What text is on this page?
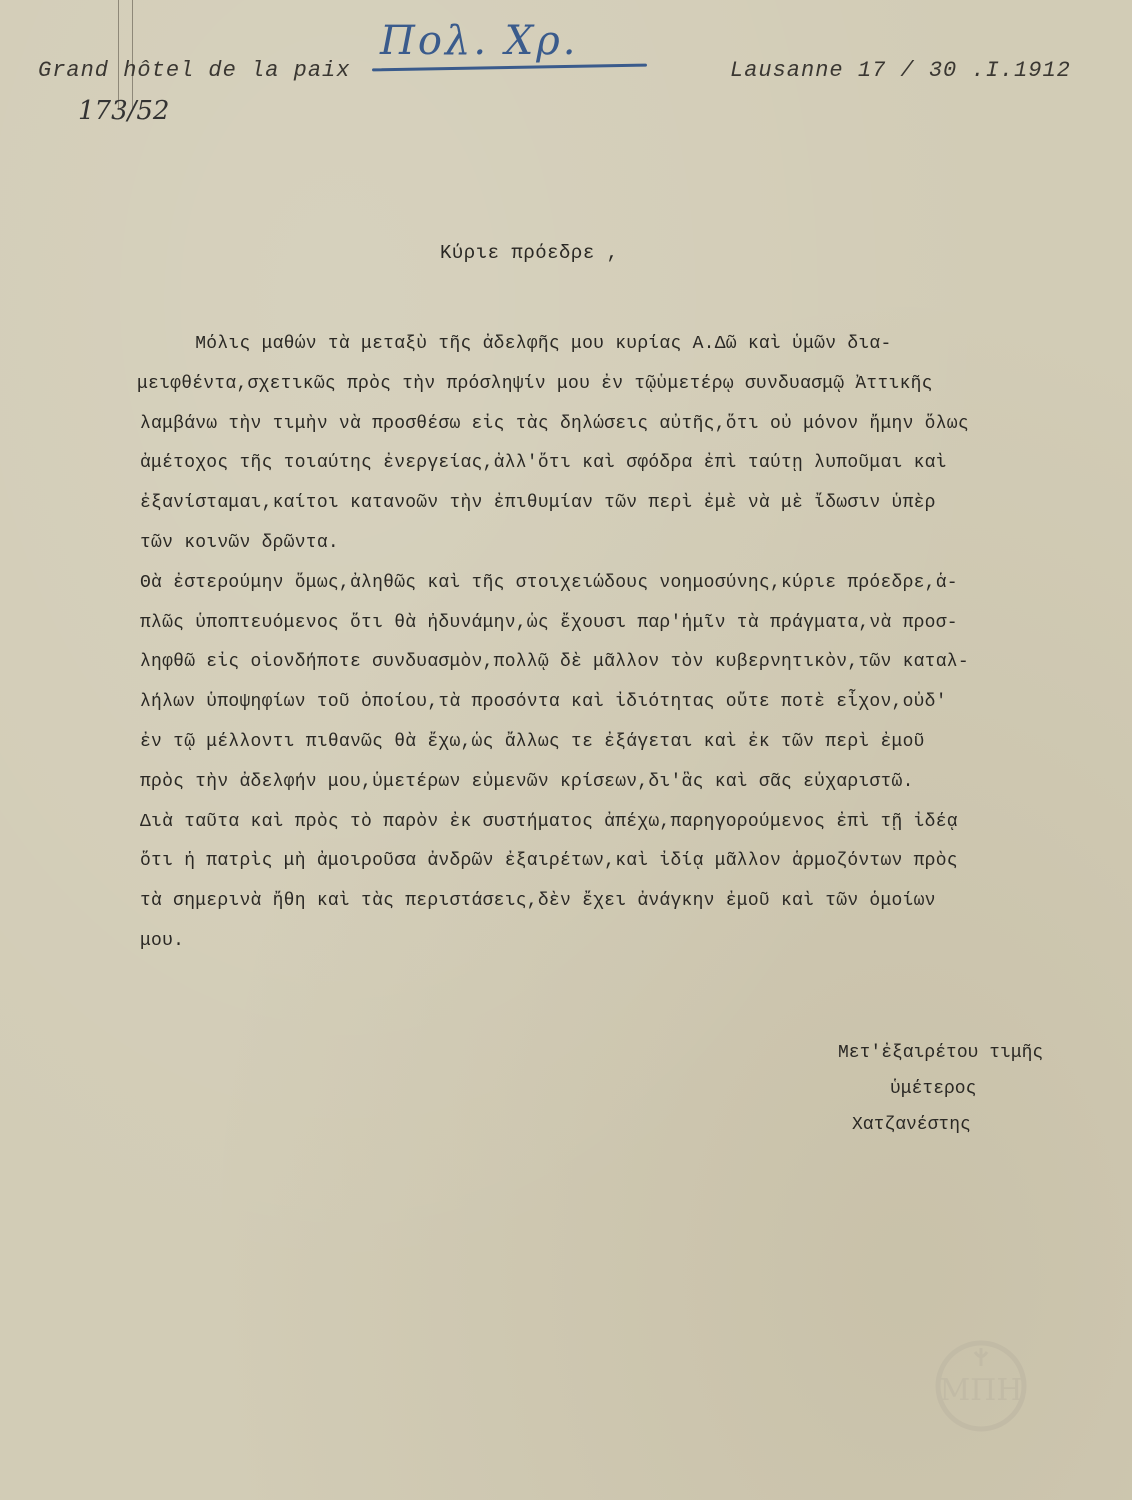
Πολ. Χρ.
Grand hôtel de la paix	Lausanne 17 / 30 .I.1912
173/52
Κύριε πρόεδρε ,
Μόλις μαθών τὰ μεταξὺ τῆς ἀδελφῆς μου κυρίας Α.Δῶ καὶ ὑμῶν δια-
μειφθέντα,σχετικῶς πρὸς τὴν πρόσληψίν μου ἐν τῷὑμετέρῳ συνδυασμῷ Ἀττικῆς
λαμβάνω τὴν τιμὴν νὰ προσθέσω εἰς τὰς δηλώσεις αὐτῆς,ὅτι οὐ μόνον ἤμην ὅλως
ἀμέτοχος τῆς τοιαύτης ἐνεργείας,ἀλλ'ὅτι καὶ σφόδρα ἐπὶ ταύτῃ λυποῦμαι καὶ
ἐξανίσταμαι,καίτοι κατανοῶν τὴν ἐπιθυμίαν τῶν περὶ ἐμὲ νὰ μὲ ἴδωσιν ὑπὲρ
τῶν κοινῶν δρῶντα.
Θὰ ἐστερούμην ὅμως,ἀληθῶς καὶ τῆς στοιχειώδους νοημοσύνης,κύριε πρόεδρε,ἁ-
πλῶς ὑποπτευόμενος ὅτι θὰ ἠδυνάμην,ὡς ἔχουσι παρ'ἡμῖν τὰ πράγματα,νὰ προσ-
ληφθῶ εἰς οἱονδήποτε συνδυασμὸν,πολλῷ δὲ μᾶλλον τὸν κυβερνητικὸν,τῶν καταλ-
λήλων ὑποψηφίων τοῦ ὁποίου,τὰ προσόντα καὶ ἰδιότητας οὔτε ποτὲ εἶχον,οὐδ'
ἐν τῷ μέλλοντι πιθανῶς θὰ ἔχω,ὡς ἄλλως τε ἐξάγεται καὶ ἐκ τῶν περὶ ἐμοῦ
πρὸς τὴν ἀδελφήν μου,ὑμετέρων εὐμενῶν κρίσεων,δι'ἃς καὶ σᾶς εὐχαριστῶ.
Διὰ ταῦτα καὶ πρὸς τὸ παρὸν ἐκ συστήματος ἀπέχω,παρηγορούμενος ἐπὶ τῇ ἰδέᾳ
ὅτι ἡ πατρὶς μὴ ἀμοιροῦσα ἀνδρῶν ἐξαιρέτων,καὶ ἰδίᾳ μᾶλλον ἁρμοζόντων πρὸς
τὰ σημερινὰ ἤθη καὶ τὰς περιστάσεις,δὲν ἔχει ἀνάγκην ἐμοῦ καὶ τῶν ὁμοίων
μου.
Μετ'ἐξαιρέτου τιμῆς
ὑμέτερος
Χατζανέστης
ΜΠΗ
